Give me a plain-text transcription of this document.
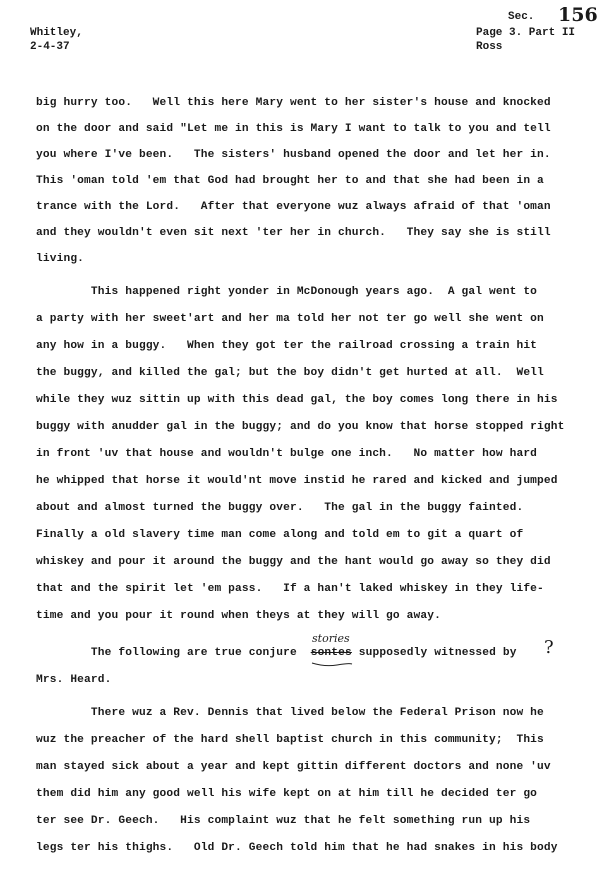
Whitley,
2-4-37
Sec. 156
Page 3. Part II
Ross
big hurry too.   Well this here Mary went to her sister's house and knocked
on the door and said "Let me in this is Mary I want to talk to you and tell
you where I've been.   The sisters' husband opened the door and let her in.
This 'oman told 'em that God had brought her to and that she had been in a
trance with the Lord.   After that everyone wuz always afraid of that 'oman
and they wouldn't even sit next 'ter her in church.   They say she is still
living.
This happened right yonder in McDonough years ago.  A gal went to
a party with her sweet'art and her ma told her not ter go well she went on
any how in a buggy.   When they got ter the railroad crossing a train hit
the buggy, and killed the gal; but the boy didn't get hurted at all.  Well
while they wuz sittin up with this dead gal, the boy comes long there in his
buggy with anudder gal in the buggy; and do you know that horse stopped right
in front 'uv that house and wouldn't bulge one inch.   No matter how hard
he whipped that horse it would'nt move instid he rared and kicked and jumped
about and almost turned the buggy over.   The gal in the buggy fainted.
Finally a old slavery time man come along and told em to git a quart of
whiskey and pour it around the buggy and the hant would go away so they did
that and the spirit let 'em pass.   If a han't laked whiskey in they life-
time and you pour it round when theys at they will go away.
The following are true conjure sontes supposedly witnessed by
stories	?
Mrs. Heard.
There wuz a Rev. Dennis that lived below the Federal Prison now he
wuz the preacher of the hard shell baptist church in this community;  This
man stayed sick about a year and kept gittin different doctors and none 'uv
them did him any good well his wife kept on at him till he decided ter go
ter see Dr. Geech.   His complaint wuz that he felt something run up his
legs ter his thighs.   Old Dr. Geech told him that he had snakes in his body
